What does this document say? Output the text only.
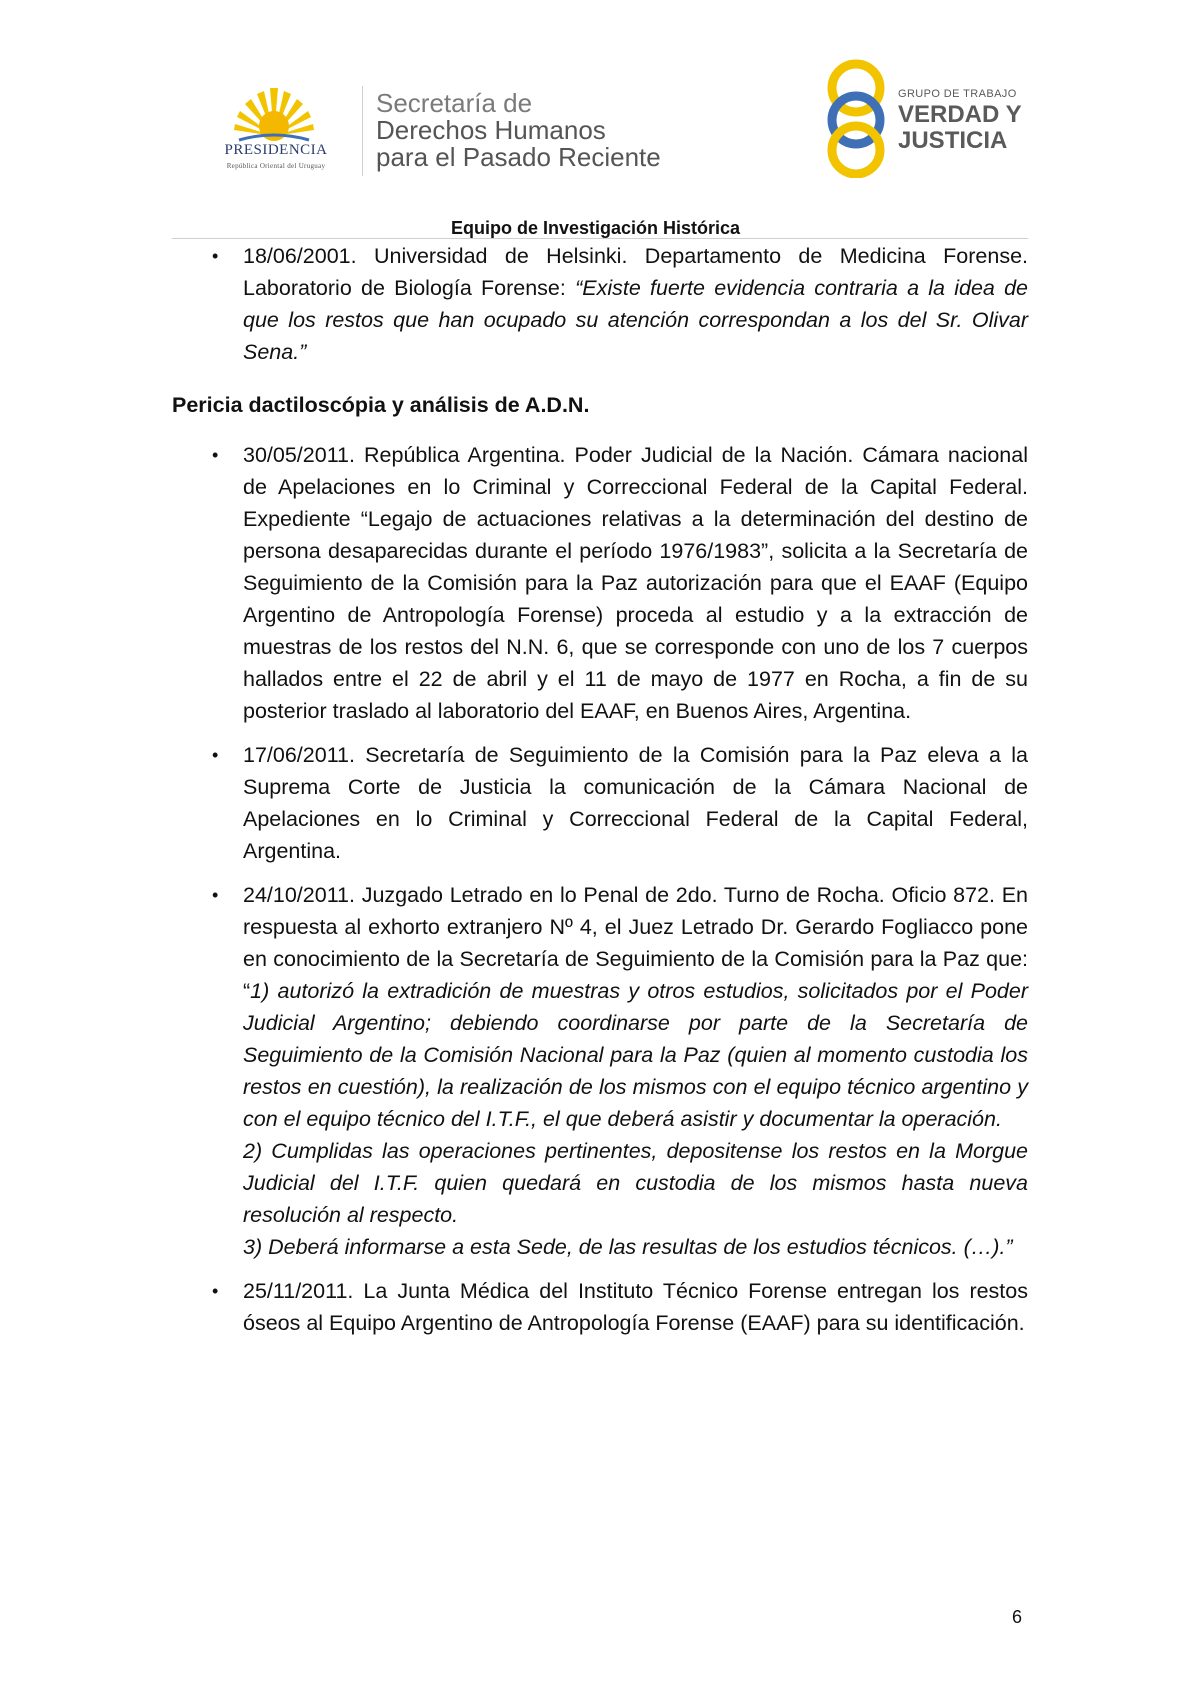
PRESIDENCIA
República Oriental del Uruguay
Secretaría de
Derechos Humanos
para el Pasado Reciente
GRUPO DE TRABAJO
VERDAD Y
JUSTICIA
Equipo de Investigación Histórica
• 18/06/2001. Universidad de Helsinki. Departamento de Medicina Forense. Laboratorio de Biología Forense: “Existe fuerte evidencia contraria a la idea de que los restos que han ocupado su atención correspondan a los del Sr. Olivar Sena.”

Pericia dactiloscópia y análisis de A.D.N.
• 30/05/2011. República Argentina. Poder Judicial de la Nación. Cámara nacional de Apelaciones en lo Criminal y Correccional Federal de la Capital Federal. Expediente “Legajo de actuaciones relativas a la determinación del destino de persona desaparecidas durante el período 1976/1983”, solicita a la Secretaría de Seguimiento de la Comisión para la Paz autorización para que el EAAF (Equipo Argentino de Antropología Forense) proceda al estudio y a la extracción de muestras de los restos del N.N. 6, que se corresponde con uno de los 7 cuerpos hallados entre el 22 de abril y el 11 de mayo de 1977 en Rocha, a fin de su posterior traslado al laboratorio del EAAF, en Buenos Aires, Argentina.

• 17/06/2011. Secretaría de Seguimiento de la Comisión para la Paz eleva a la Suprema Corte de Justicia la comunicación de la Cámara Nacional de Apelaciones en lo Criminal y Correccional Federal de la Capital Federal, Argentina.

• 24/10/2011. Juzgado Letrado en lo Penal de 2do. Turno de Rocha. Oficio 872. En respuesta al exhorto extranjero Nº 4, el Juez Letrado Dr. Gerardo Fogliacco pone en conocimiento de la Secretaría de Seguimiento de la Comisión para la Paz que: “1) autorizó la extradición de muestras y otros estudios, solicitados por el Poder Judicial Argentino; debiendo coordinarse por parte de la Secretaría de Seguimiento de la Comisión Nacional para la Paz (quien al momento custodia los restos en cuestión), la realización de los mismos con el equipo técnico argentino y con el equipo técnico del I.T.F., el que deberá asistir y documentar la operación.

2) Cumplidas las operaciones pertinentes, depositense los restos en la Morgue Judicial del I.T.F. quien quedará en custodia de los mismos hasta nueva resolución al respecto.

3) Deberá informarse a esta Sede, de las resultas de los estudios técnicos. (…).”

• 25/11/2011. La Junta Médica del Instituto Técnico Forense entregan los restos óseos al Equipo Argentino de Antropología Forense (EAAF) para su identificación.

6
